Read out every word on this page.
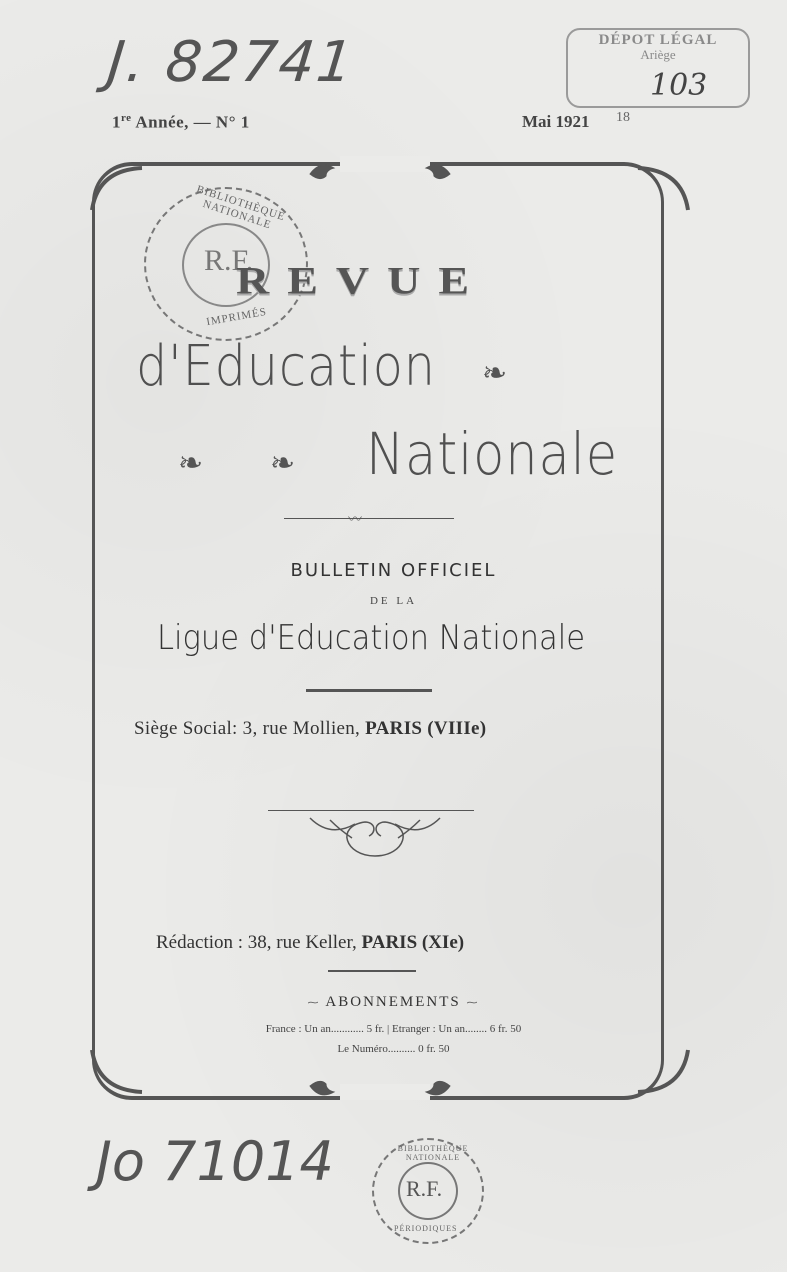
J. 82741
1re Année, — N° 1	Mai 1921
DÉPOT LÉGAL
Ariège
103
18
BIBLIOTHÈQUE NATIONALE
R.F.
IMPRIMÉS
REVUE
d'Education ❧
❧ ❧ Nationale
〰
BULLETIN OFFICIEL
DE LA
Ligue d'Education Nationale
Siège Social: 3, rue Mollien, PARIS (VIIIe)
Rédaction : 38, rue Keller, PARIS (XIe)
⁓ ABONNEMENTS ⁓
France : Un an............ 5 fr. | Etranger : Un an........ 6 fr. 50
Le Numéro.......... 0 fr. 50
Jo 71014	BIBLIOTHÈQUE NATIONALE
R.F.
PÉRIODIQUES
